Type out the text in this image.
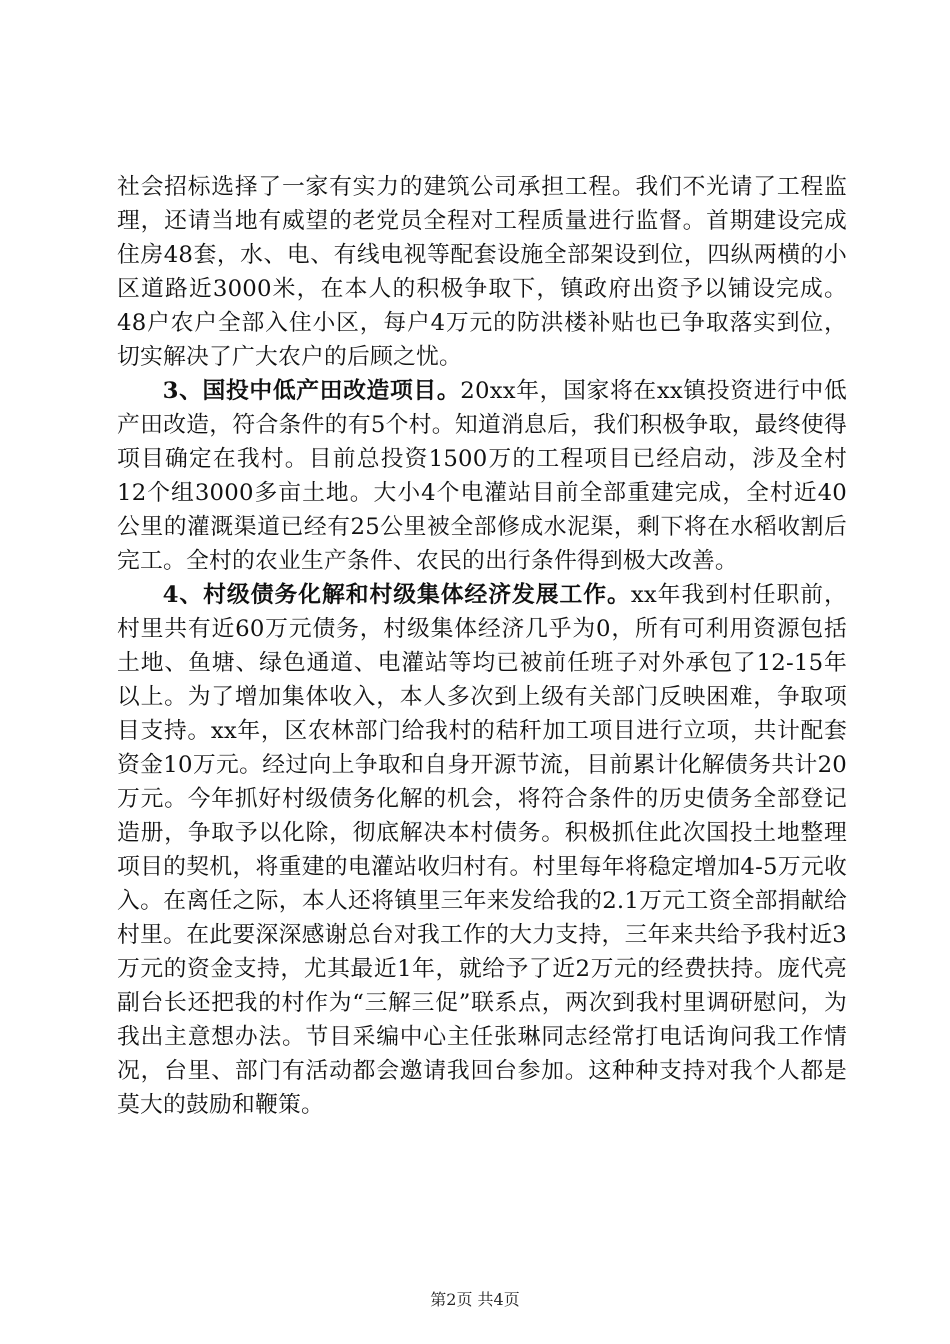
社会招标选择了一家有实力的建筑公司承担工程。我们不光请了工程监理，还请当地有威望的老党员全程对工程质量进行监督。首期建设完成住房48套，水、电、有线电视等配套设施全部架设到位，四纵两横的小区道路近3000米，在本人的积极争取下，镇政府出资予以铺设完成。48户农户全部入住小区，每户4万元的防洪楼补贴也已争取落实到位，切实解决了广大农户的后顾之忧。

3、国投中低产田改造项目。20xx年，国家将在xx镇投资进行中低产田改造，符合条件的有5个村。知道消息后，我们积极争取，最终使得项目确定在我村。目前总投资1500万的工程项目已经启动，涉及全村12个组3000多亩土地。大小4个电灌站目前全部重建完成，全村近40公里的灌溉渠道已经有25公里被全部修成水泥渠，剩下将在水稻收割后完工。全村的农业生产条件、农民的出行条件得到极大改善。

4、村级债务化解和村级集体经济发展工作。xx年我到村任职前，村里共有近60万元债务，村级集体经济几乎为0，所有可利用资源包括土地、鱼塘、绿色通道、电灌站等均已被前任班子对外承包了12-15年以上。为了增加集体收入，本人多次到上级有关部门反映困难，争取项目支持。xx年，区农林部门给我村的秸秆加工项目进行立项，共计配套资金10万元。经过向上争取和自身开源节流，目前累计化解债务共计20万元。今年抓好村级债务化解的机会，将符合条件的历史债务全部登记造册，争取予以化除，彻底解决本村债务。积极抓住此次国投土地整理项目的契机，将重建的电灌站收归村有。村里每年将稳定增加4-5万元收入。在离任之际，本人还将镇里三年来发给我的2.1万元工资全部捐献给村里。在此要深深感谢总台对我工作的大力支持，三年来共给予我村近3万元的资金支持，尤其最近1年，就给予了近2万元的经费扶持。庞代亮副台长还把我的村作为“三解三促”联系点，两次到我村里调研慰问，为我出主意想办法。节目采编中心主任张琳同志经常打电话询问我工作情况，台里、部门有活动都会邀请我回台参加。这种种支持对我个人都是莫大的鼓励和鞭策。

第2页 共4页
